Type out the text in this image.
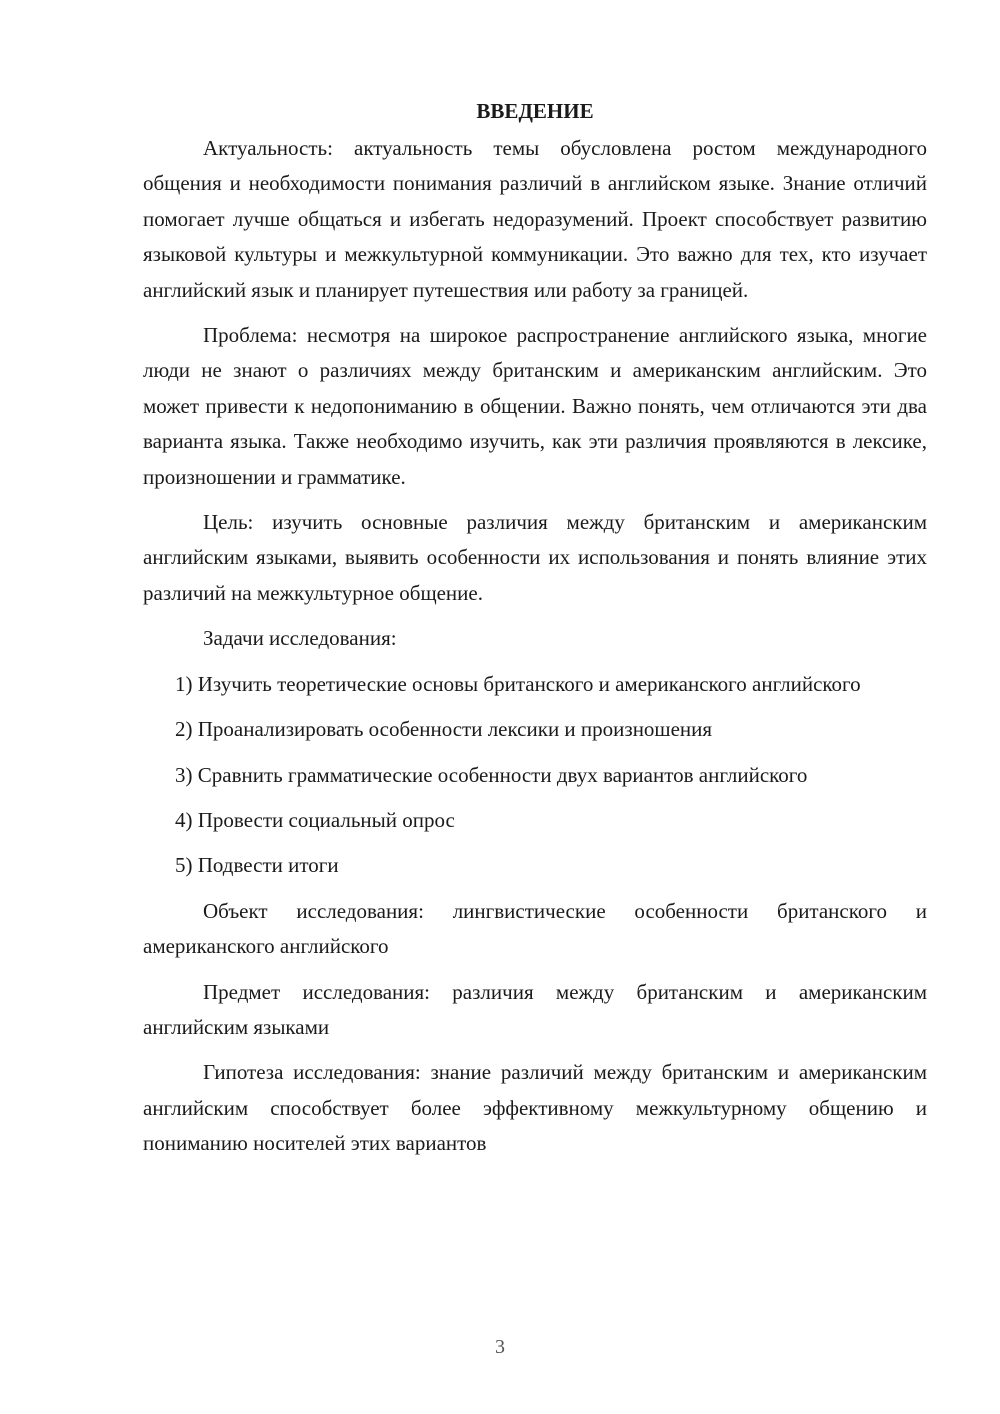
ВВЕДЕНИЕ

Актуальность: актуальность темы обусловлена ростом международного общения и необходимости понимания различий в английском языке. Знание отличий помогает лучше общаться и избегать недоразумений. Проект способствует развитию языковой культуры и межкультурной коммуникации. Это важно для тех, кто изучает английский язык и планирует путешествия или работу за границей.

Проблема: несмотря на широкое распространение английского языка, многие люди не знают о различиях между британским и американским английским. Это может привести к недопониманию в общении. Важно понять, чем отличаются эти два варианта языка. Также необходимо изучить, как эти различия проявляются в лексике, произношении и грамматике.

Цель: изучить основные различия между британским и американским английским языками, выявить особенности их использования и понять влияние этих различий на межкультурное общение.

Задачи исследования:

1) Изучить теоретические основы британского и американского английского

2) Проанализировать особенности лексики и произношения

3) Сравнить грамматические особенности двух вариантов английского

4) Провести социальный опрос

5) Подвести итоги

Объект исследования: лингвистические особенности британского и американского английского

Предмет исследования: различия между британским и американским английским языками

Гипотеза исследования: знание различий между британским и американским английским способствует более эффективному межкультурному общению и пониманию носителей этих вариантов

3
